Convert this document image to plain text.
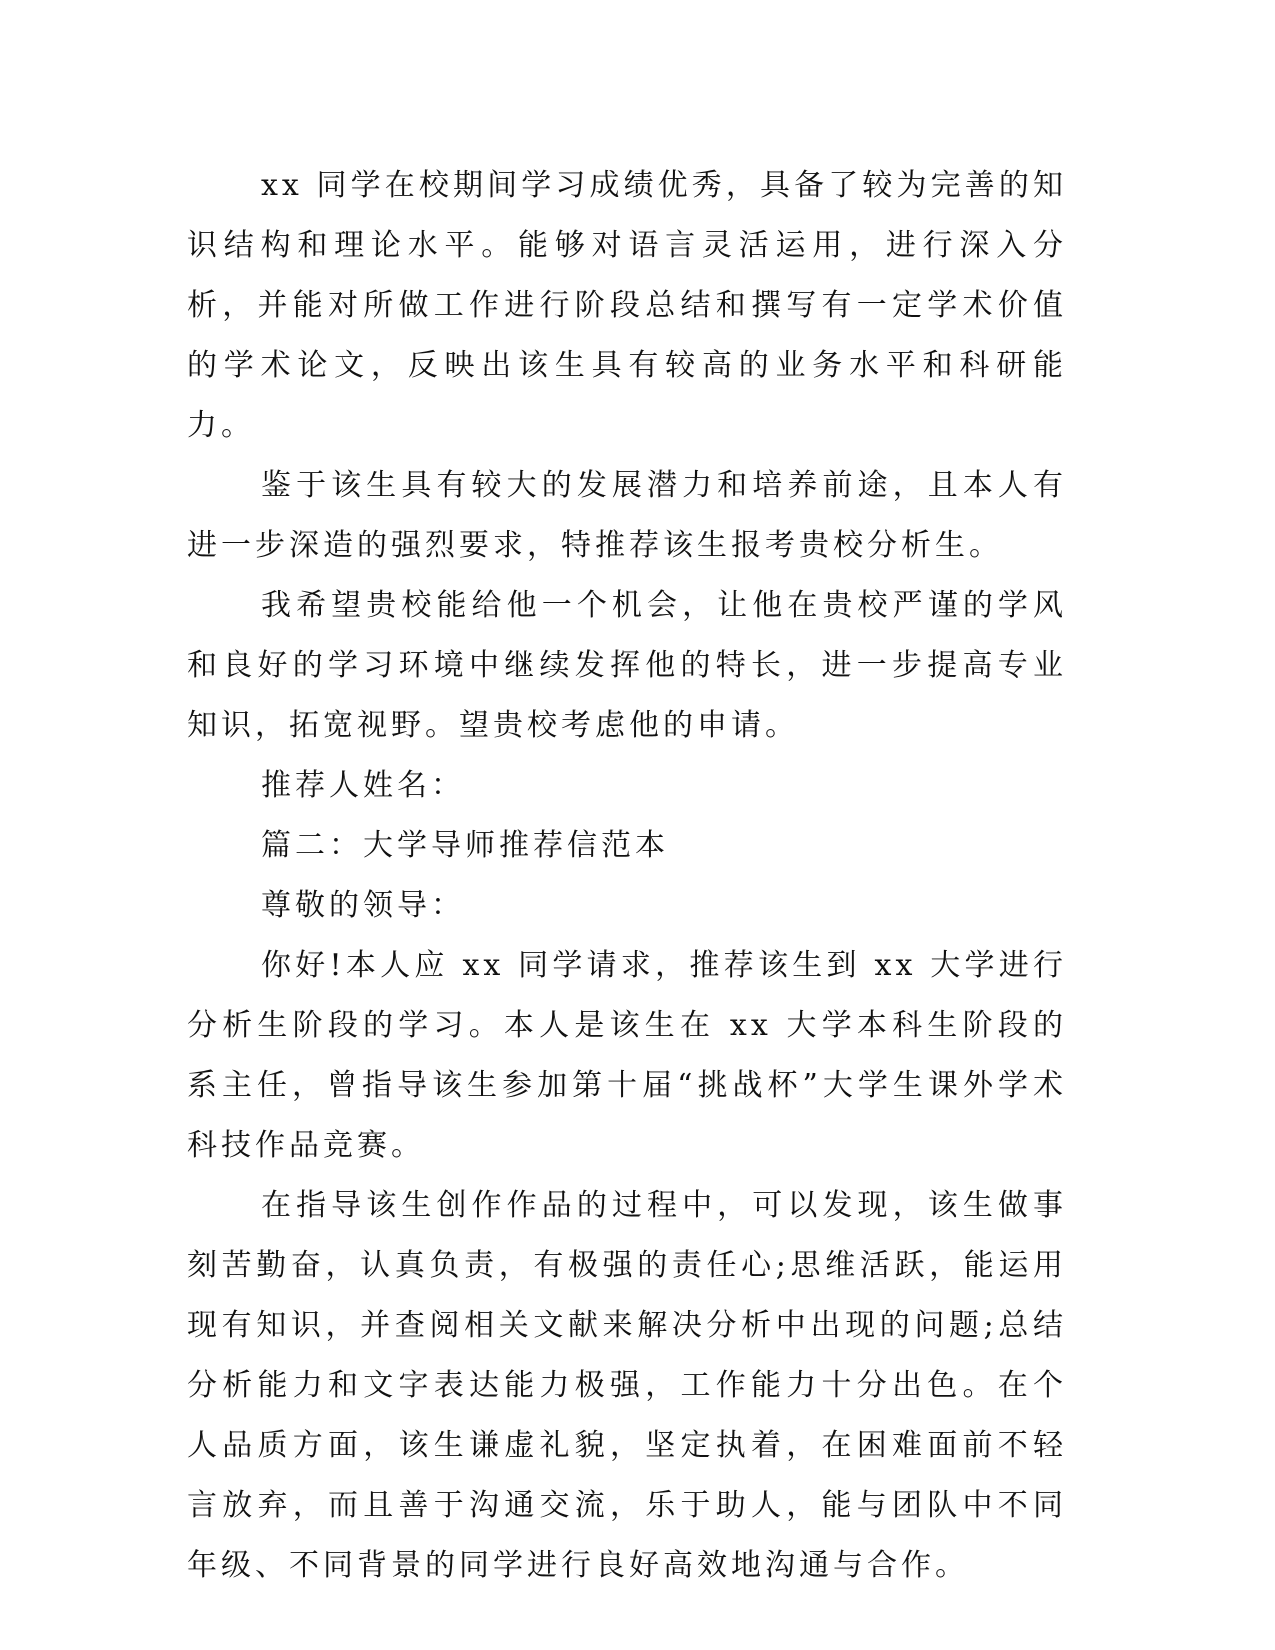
xx 同学在校期间学习成绩优秀，具备了较为完善的知识结构和理论水平。能够对语言灵活运用，进行深入分析，并能对所做工作进行阶段总结和撰写有一定学术价值的学术论文，反映出该生具有较高的业务水平和科研能力。

鉴于该生具有较大的发展潜力和培养前途，且本人有进一步深造的强烈要求，特推荐该生报考贵校分析生。

我希望贵校能给他一个机会，让他在贵校严谨的学风和良好的学习环境中继续发挥他的特长，进一步提高专业知识，拓宽视野。望贵校考虑他的申请。

推荐人姓名：

篇二：大学导师推荐信范本

尊敬的领导：

你好!本人应 xx 同学请求，推荐该生到 xx 大学进行分析生阶段的学习。本人是该生在 xx 大学本科生阶段的系主任，曾指导该生参加第十届“挑战杯”大学生课外学术科技作品竞赛。

在指导该生创作作品的过程中，可以发现，该生做事刻苦勤奋，认真负责，有极强的责任心;思维活跃，能运用现有知识，并查阅相关文献来解决分析中出现的问题;总结分析能力和文字表达能力极强，工作能力十分出色。在个人品质方面，该生谦虚礼貌，坚定执着，在困难面前不轻言放弃，而且善于沟通交流，乐于助人，能与团队中不同年级、不同背景的同学进行良好高效地沟通与合作。
